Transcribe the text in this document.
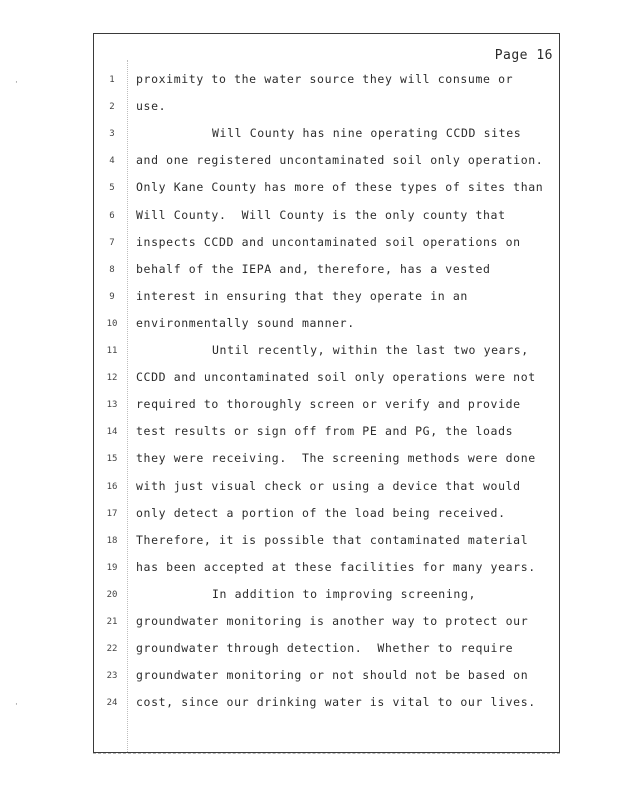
Page 16
1	proximity to the water source they will consume or
2	use.
3	Will County has nine operating CCDD sites
4	and one registered uncontaminated soil only operation.
5	Only Kane County has more of these types of sites than
6	Will County.  Will County is the only county that
7	inspects CCDD and uncontaminated soil operations on
8	behalf of the IEPA and, therefore, has a vested
9	interest in ensuring that they operate in an
10	environmentally sound manner.
11	Until recently, within the last two years,
12	CCDD and uncontaminated soil only operations were not
13	required to thoroughly screen or verify and provide
14	test results or sign off from PE and PG, the loads
15	they were receiving.  The screening methods were done
16	with just visual check or using a device that would
17	only detect a portion of the load being received.
18	Therefore, it is possible that contaminated material
19	has been accepted at these facilities for many years.
20	In addition to improving screening,
21	groundwater monitoring is another way to protect our
22	groundwater through detection.  Whether to require
23	groundwater monitoring or not should not be based on
24	cost, since our drinking water is vital to our lives.
·
·
